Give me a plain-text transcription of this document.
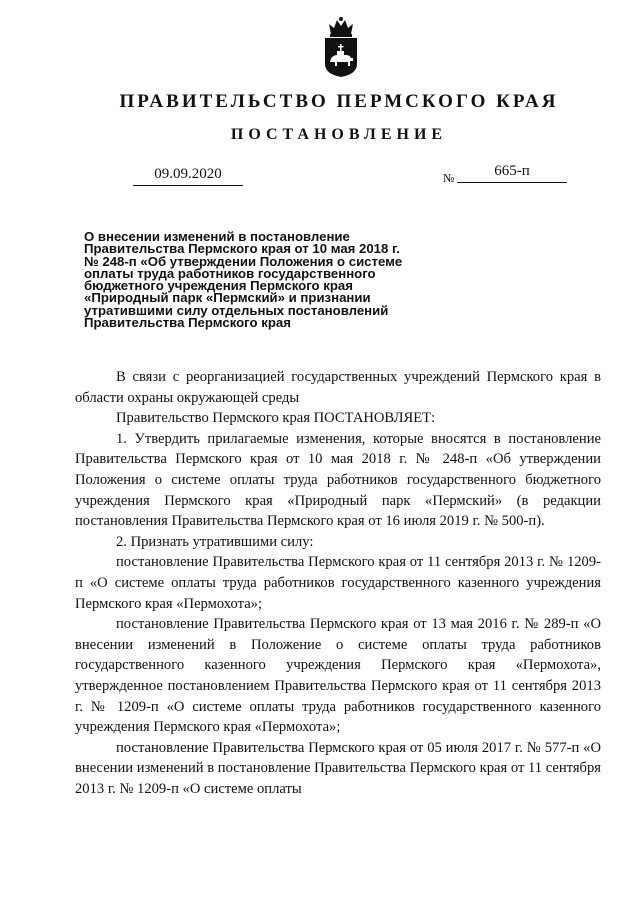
ПРАВИТЕЛЬСТВО ПЕРМСКОГО КРАЯ
ПОСТАНОВЛЕНИЕ
09.09.2020	№	665-п
О внесении изменений в постановление
Правительства Пермского края от 10 мая 2018 г.
№ 248-п «Об утверждении Положения о системе
оплаты труда работников государственного
бюджетного учреждения Пермского края
«Природный парк «Пермский» и признании
утратившими силу отдельных постановлений
Правительства Пермского края

В связи с реорганизацией государственных учреждений Пермского края в области охраны окружающей среды

Правительство Пермского края ПОСТАНОВЛЯЕТ:

1. Утвердить прилагаемые изменения, которые вносятся в постановление Правительства Пермского края от 10 мая 2018 г. № 248-п «Об утверждении Положения о системе оплаты труда работников государственного бюджетного учреждения Пермского края «Природный парк «Пермский» (в редакции постановления Правительства Пермского края от 16 июля 2019 г. № 500-п).

2. Признать утратившими силу:

постановление Правительства Пермского края от 11 сентября 2013 г. № 1209-п «О системе оплаты труда работников государственного казенного учреждения Пермского края «Пермохота»;

постановление Правительства Пермского края от 13 мая 2016 г. № 289-п «О внесении изменений в Положение о системе оплаты труда работников государственного казенного учреждения Пермского края «Пермохота», утвержденное постановлением Правительства Пермского края от 11 сентября 2013 г. № 1209-п «О системе оплаты труда работников государственного казенного учреждения Пермского края «Пермохота»;

постановление Правительства Пермского края от 05 июля 2017 г. № 577-п «О внесении изменений в постановление Правительства Пермского края от 11 сентября 2013 г. № 1209-п «О системе оплаты
